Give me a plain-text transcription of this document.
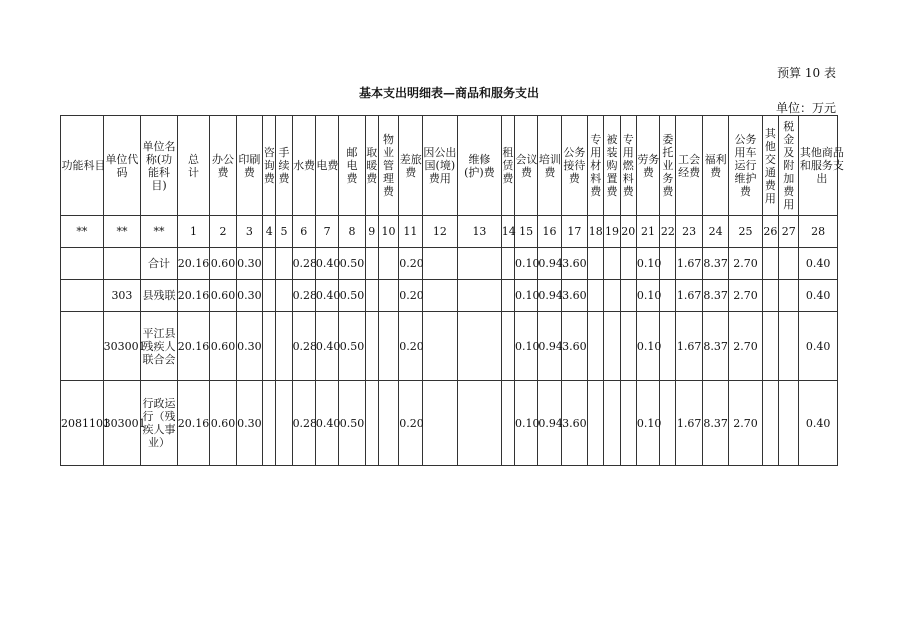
预算 10 表
基本支出明细表—商品和服务支出
单位：万元
功能科目	单位代码	单位名称(功能科目)	总计	办公费	印刷费	咨询费	手续费	水费	电费	邮电费	取暖费	物业管理费	差旅费	因公出国(境)费用	维修(护)费	租赁费	会议费	培训费	公务接待费	专用材料费	被装购置费	专用燃料费	劳务费	委托业务费	工会经费	福利费	公务用车运行维护费	其他交通费用	税金及附加费用	其他商品和服务支出

**	**	**	1	2	3	4	5	6	7	8	9	10	11	12	13	14	15	16	17	18	19	20	21	22	23	24	25	26	27	28
		合计	20.16	0.60	0.30			0.28	0.40	0.50			0.20				0.10	0.94	3.60				0.10		1.67	8.37	2.70			0.40
	303	县残联	20.16	0.60	0.30			0.28	0.40	0.50			0.20				0.10	0.94	3.60				0.10		1.67	8.37	2.70			0.40
	303001	平江县残疾人联合会	20.16	0.60	0.30			0.28	0.40	0.50			0.20				0.10	0.94	3.60				0.10		1.67	8.37	2.70			0.40
2081101	303001	行政运行（残疾人事业）	20.16	0.60	0.30			0.28	0.40	0.50			0.20				0.10	0.94	3.60				0.10		1.67	8.37	2.70			0.40
